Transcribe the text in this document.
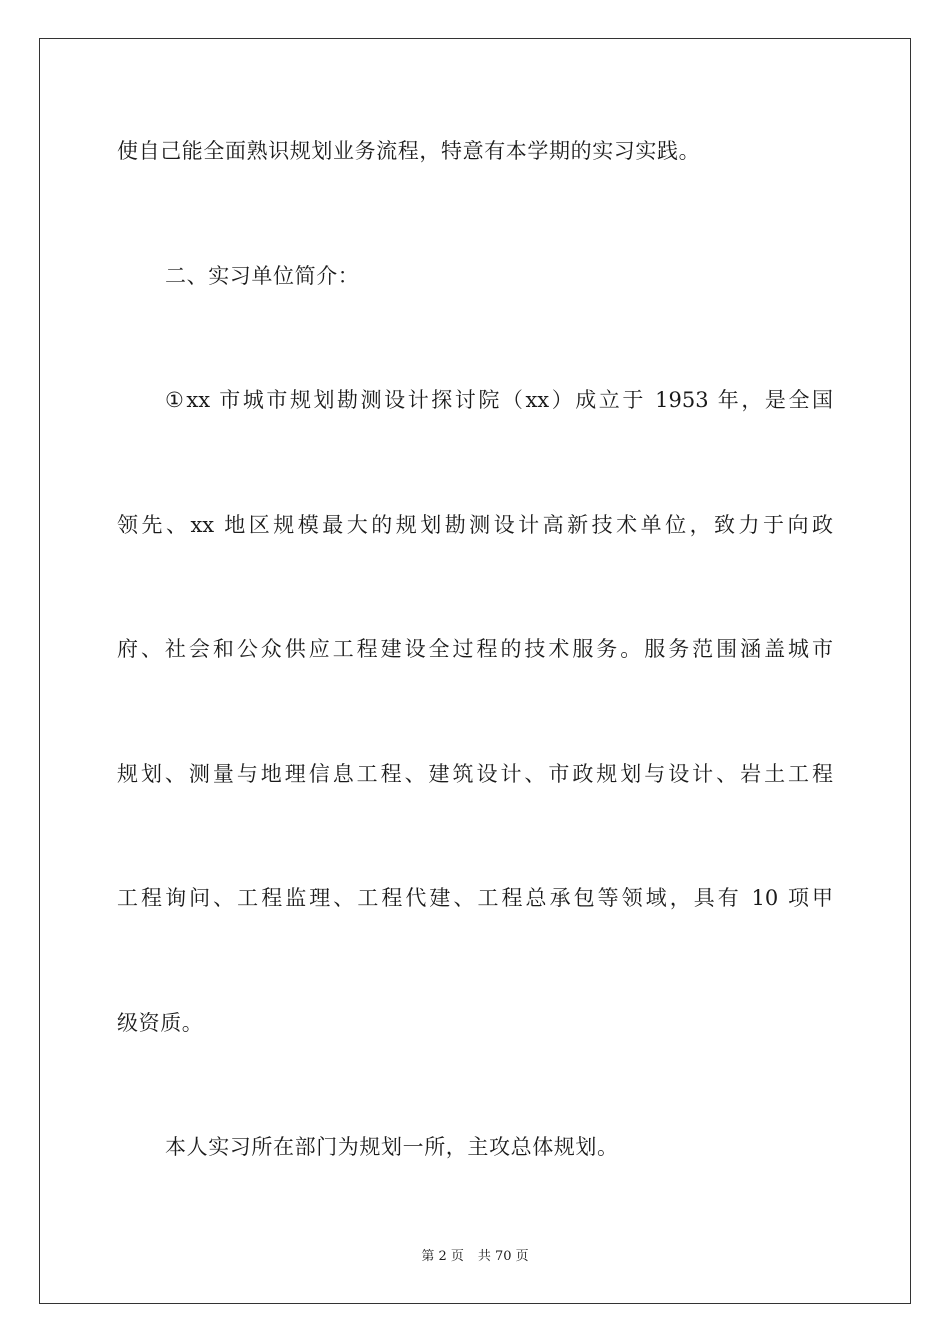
使自己能全面熟识规划业务流程，特意有本学期的实习实践。
二、实习单位简介：
①xx 市城市规划勘测设计探讨院（xx）成立于 1953 年，是全国
领先、xx 地区规模最大的规划勘测设计高新技术单位，致力于向政
府、社会和公众供应工程建设全过程的技术服务。服务范围涵盖城市
规划、测量与地理信息工程、建筑设计、市政规划与设计、岩土工程
工程询问、工程监理、工程代建、工程总承包等领域，具有 10 项甲
级资质。
本人实习所在部门为规划一所，主攻总体规划。
第 2 页 共 70 页
